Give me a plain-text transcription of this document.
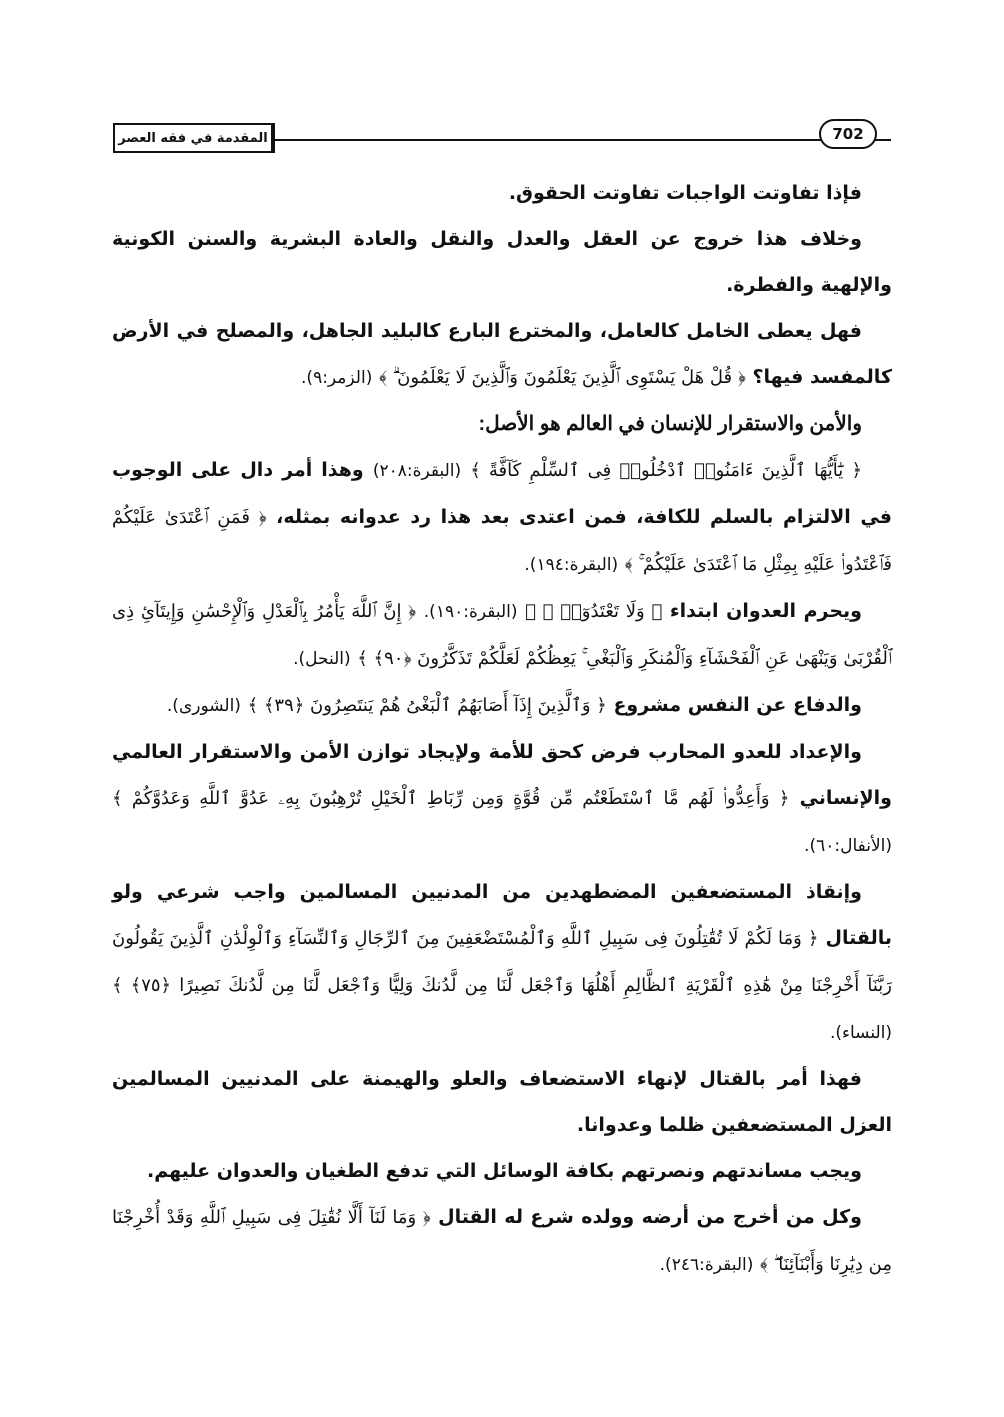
المقدمة في فقه العصر	702

فإذا تفاوتت الواجبات تفاوتت الحقوق.

وخلاف هذا خروج عن العقل والعدل والنقل والعادة البشرية والسنن الكونية والإلهية والفطرة.

فهل يعطى الخامل كالعامل، والمخترع البارع كالبليد الجاهل، والمصلح في الأرض كالمفسد فيها؟ ﴿ قُلْ هَلْ يَسْتَوِى ٱلَّذِينَ يَعْلَمُونَ وَٱلَّذِينَ لَا يَعْلَمُونَ ۗ ﴾ (الزمر:٩).

والأمن والاستقرار للإنسان في العالم هو الأصل:

﴿ يَٰٓأَيُّهَا ٱلَّذِينَ ءَامَنُوا۟ ٱدْخُلُوا۟ فِى ٱلسِّلْمِ كَآفَّةً ﴾ (البقرة:٢٠٨) وهذا أمر دال على الوجوب في الالتزام بالسلم للكافة، فمن اعتدى بعد هذا رد عدوانه بمثله، ﴿ فَمَنِ ٱعْتَدَىٰ عَلَيْكُمْ فَٱعْتَدُوا۟ عَلَيْهِ بِمِثْلِ مَا ٱعْتَدَىٰ عَلَيْكُمْ ۚ ﴾ (البقرة:١٩٤).

ويحرم العدوان ابتداء ﴿ وَلَا تَعْتَدُوٓا۟ ۚ ﴾ (البقرة:١٩٠). ﴿ إِنَّ ٱللَّهَ يَأْمُرُ بِٱلْعَدْلِ وَٱلْإِحْسَٰنِ وَإِيتَآئِ ذِى ٱلْقُرْبَىٰ وَيَنْهَىٰ عَنِ ٱلْفَحْشَآءِ وَٱلْمُنكَرِ وَٱلْبَغْىِ ۚ يَعِظُكُمْ لَعَلَّكُمْ تَذَكَّرُونَ ﴿٩٠﴾ ﴾ (النحل).

والدفاع عن النفس مشروع ﴿ وَٱلَّذِينَ إِذَآ أَصَابَهُمُ ٱلْبَغْىُ هُمْ يَنتَصِرُونَ ﴿٣٩﴾ ﴾ (الشورى).

والإعداد للعدو المحارب فرض كحق للأمة ولإيجاد توازن الأمن والاستقرار العالمي والإنساني ﴿ وَأَعِدُّوا۟ لَهُم مَّا ٱسْتَطَعْتُم مِّن قُوَّةٍ وَمِن رِّبَاطِ ٱلْخَيْلِ تُرْهِبُونَ بِهِۦ عَدُوَّ ٱللَّهِ وَعَدُوَّكُمْ ﴾ (الأنفال:٦٠).

وإنقاذ المستضعفين المضطهدين من المدنيين المسالمين واجب شرعي ولو بالقتال ﴿ وَمَا لَكُمْ لَا تُقَٰتِلُونَ فِى سَبِيلِ ٱللَّهِ وَٱلْمُسْتَضْعَفِينَ مِنَ ٱلرِّجَالِ وَٱلنِّسَآءِ وَٱلْوِلْدَٰنِ ٱلَّذِينَ يَقُولُونَ رَبَّنَآ أَخْرِجْنَا مِنْ هَٰذِهِ ٱلْقَرْيَةِ ٱلظَّالِمِ أَهْلُهَا وَٱجْعَل لَّنَا مِن لَّدُنكَ وَلِيًّا وَٱجْعَل لَّنَا مِن لَّدُنكَ نَصِيرًا ﴿٧٥﴾ ﴾ (النساء).

فهذا أمر بالقتال لإنهاء الاستضعاف والعلو والهيمنة على المدنيين المسالمين العزل المستضعفين ظلما وعدوانا.

ويجب مساندتهم ونصرتهم بكافة الوسائل التي تدفع الطغيان والعدوان عليهم.

وكل من أخرج من أرضه وولده شرع له القتال ﴿ وَمَا لَنَآ أَلَّا نُقَٰتِلَ فِى سَبِيلِ ٱللَّهِ وَقَدْ أُخْرِجْنَا مِن دِيَٰرِنَا وَأَبْنَآئِنَا ۖ ﴾ (البقرة:٢٤٦).
